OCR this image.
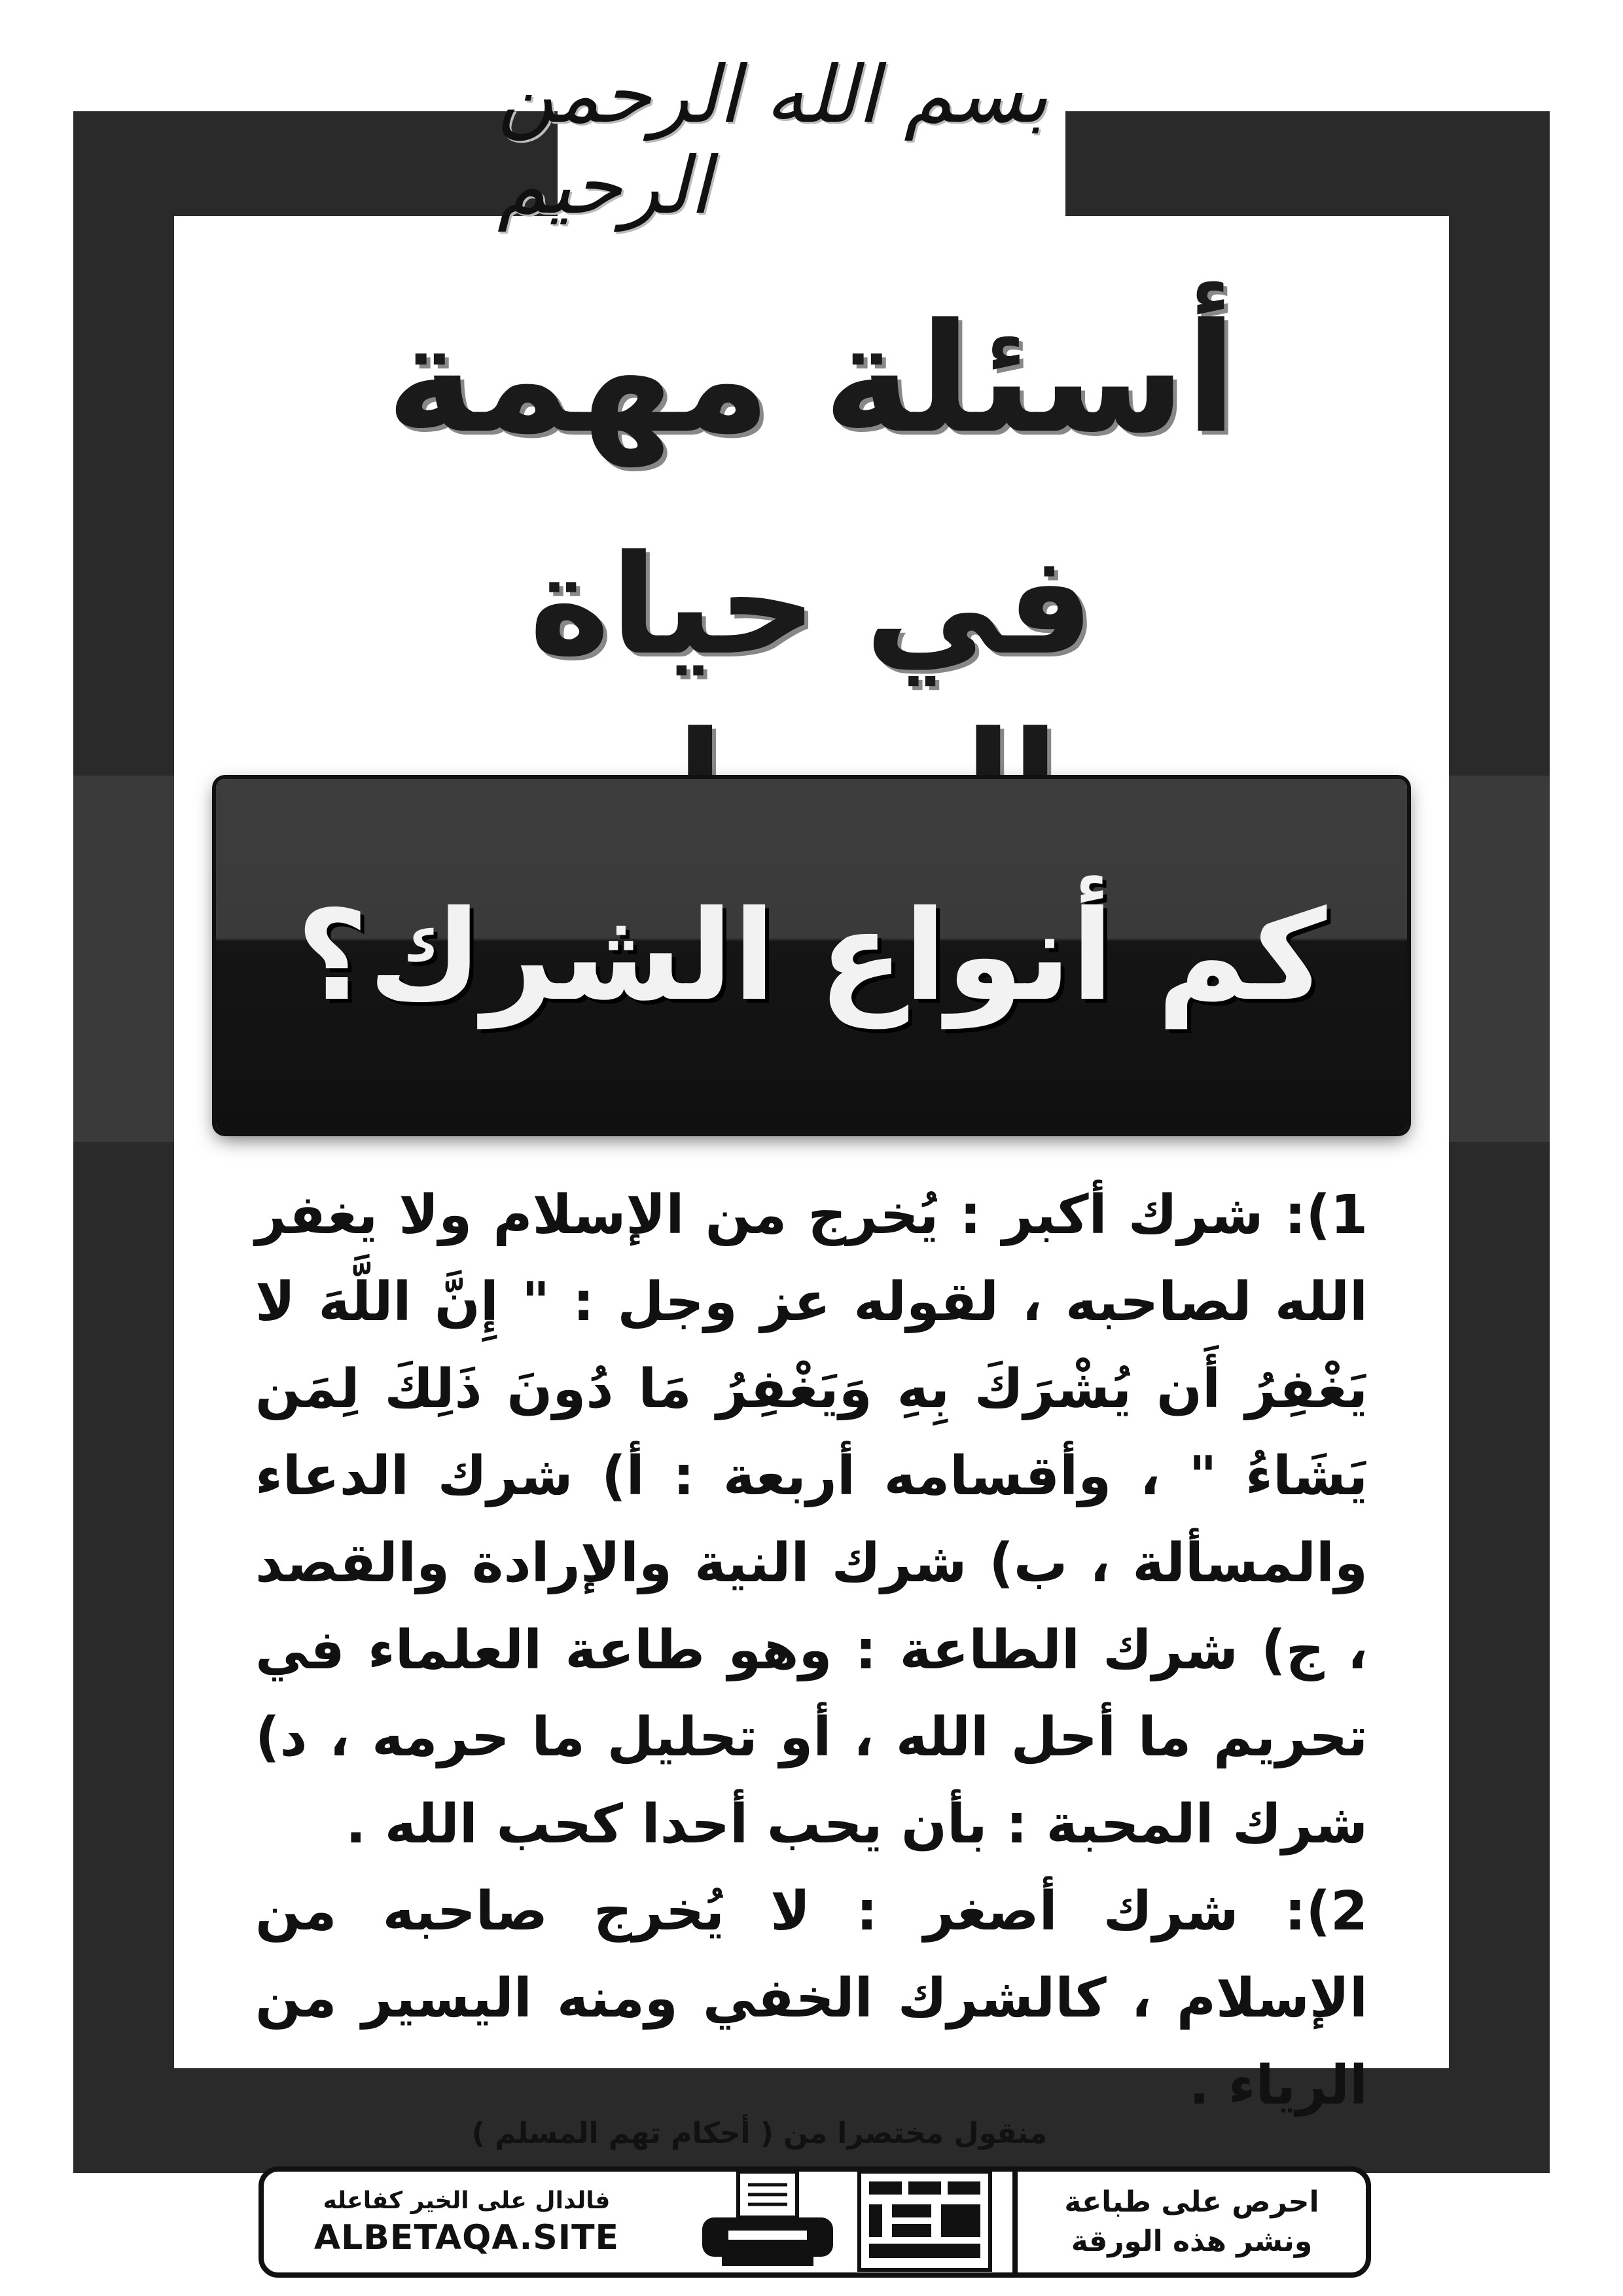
بسم الله الرحمن الرحيم
أسئلة مهمة
في حياة
كم أنواع الشرك؟

1): شرك أكبر : يُخرج من الإسلام ولا يغفر الله لصاحبه ، لقوله عز وجل : " إِنَّ اللَّهَ لا يَغْفِرُ أَن يُشْرَكَ بِهِ وَيَغْفِرُ مَا دُونَ ذَلِكَ لِمَن يَشَاءُ " ، وأقسامه أربعة : أ) شرك الدعاء والمسألة ، ب) شرك النية والإرادة والقصد ، ج) شرك الطاعة : وهو طاعة العلماء في تحريم ما أحل الله ، أو تحليل ما حرمه ، د) شرك المحبة : بأن يحب أحدا كحب الله .

2): شرك أصغر : لا يُخرج صاحبه من الإسلام ، كالشرك الخفي ومنه اليسير من الرياء .

منقول مختصرا من ( أحكام تهم المسلم )
فالدال على الخير كفاعله
ALBETAQA.SITE
احرص على طباعة
ونشر هذه الورقة
